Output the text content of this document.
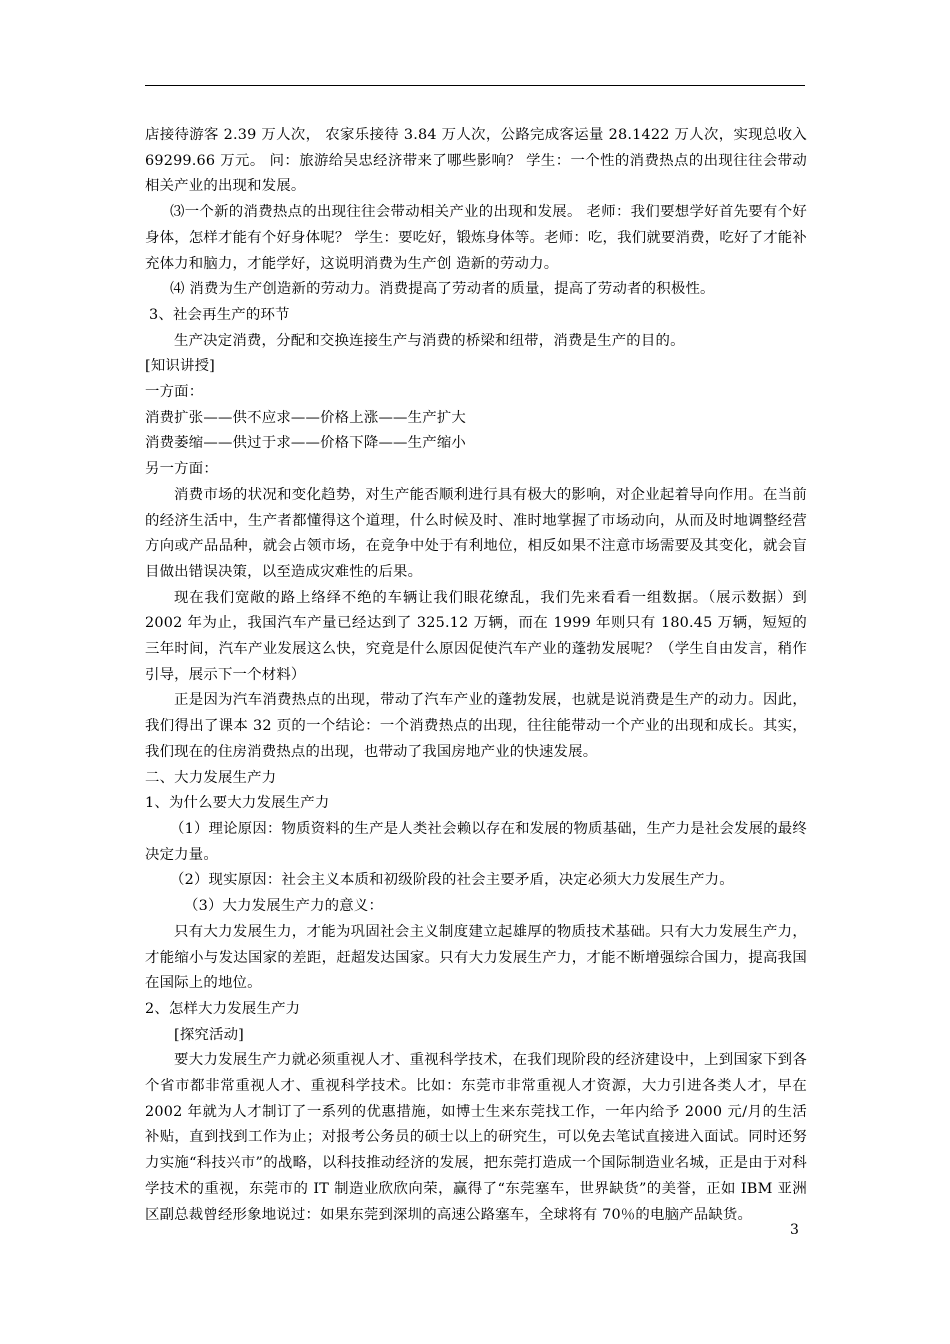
店接待游客 2.39 万人次， 农家乐接待 3.84 万人次，公路完成客运量 28.1422 万人次，实现总收入 69299.66 万元。 问：旅游给吴忠经济带来了哪些影响？ 学生：一个性的消费热点的出现往往会带动相关产业的出现和发展。

⑶一个新的消费热点的出现往往会带动相关产业的出现和发展。 老师：我们要想学好首先要有个好身体，怎样才能有个好身体呢？ 学生：要吃好，锻炼身体等。老师：吃，我们就要消费，吃好了才能补充体力和脑力，才能学好，这说明消费为生产创 造新的劳动力。

⑷ 消费为生产创造新的劳动力。消费提高了劳动者的质量，提高了劳动者的积极性。

3、社会再生产的环节

生产决定消费，分配和交换连接生产与消费的桥梁和纽带，消费是生产的目的。

[知识讲授]

一方面：

消费扩张——供不应求——价格上涨——生产扩大

消费萎缩——供过于求——价格下降——生产缩小

另一方面：

消费市场的状况和变化趋势，对生产能否顺利进行具有极大的影响，对企业起着导向作用。在当前的经济生活中，生产者都懂得这个道理，什么时候及时、准时地掌握了市场动向，从而及时地调整经营方向或产品品种，就会占领市场，在竞争中处于有利地位，相反如果不注意市场需要及其变化，就会盲目做出错误决策，以至造成灾难性的后果。

现在我们宽敞的路上络绎不绝的车辆让我们眼花缭乱，我们先来看看一组数据。（展示数据）到 2002 年为止，我国汽车产量已经达到了 325.12 万辆，而在 1999 年则只有 180.45 万辆，短短的三年时间，汽车产业发展这么快，究竟是什么原因促使汽车产业的蓬勃发展呢？（学生自由发言，稍作引导，展示下一个材料）

正是因为汽车消费热点的出现，带动了汽车产业的蓬勃发展，也就是说消费是生产的动力。因此，我们得出了课本 32 页的一个结论：一个消费热点的出现，往往能带动一个产业的出现和成长。其实，我们现在的住房消费热点的出现，也带动了我国房地产业的快速发展。

二、大力发展生产力

1、为什么要大力发展生产力

（1）理论原因：物质资料的生产是人类社会赖以存在和发展的物质基础，生产力是社会发展的最终决定力量。

（2）现实原因：社会主义本质和初级阶段的社会主要矛盾，决定必须大力发展生产力。

（3）大力发展生产力的意义：

只有大力发展生力，才能为巩固社会主义制度建立起雄厚的物质技术基础。只有大力发展生产力，才能缩小与发达国家的差距，赶超发达国家。只有大力发展生产力，才能不断增强综合国力，提高我国在国际上的地位。

2、怎样大力发展生产力

[探究活动]

要大力发展生产力就必须重视人才、重视科学技术，在我们现阶段的经济建设中，上到国家下到各个省市都非常重视人才、重视科学技术。比如：东莞市非常重视人才资源，大力引进各类人才，早在 2002 年就为人才制订了一系列的优惠措施，如博士生来东莞找工作，一年内给予 2000 元/月的生活补贴，直到找到工作为止；对报考公务员的硕士以上的研究生，可以免去笔试直接进入面试。同时还努力实施“科技兴市”的战略，以科技推动经济的发展，把东莞打造成一个国际制造业名城，正是由于对科学技术的重视，东莞市的 IT 制造业欣欣向荣，赢得了“东莞塞车，世界缺货”的美誉，正如 IBM 亚洲区副总裁曾经形象地说过：如果东莞到深圳的高速公路塞车，全球将有 70％的电脑产品缺货。

3
